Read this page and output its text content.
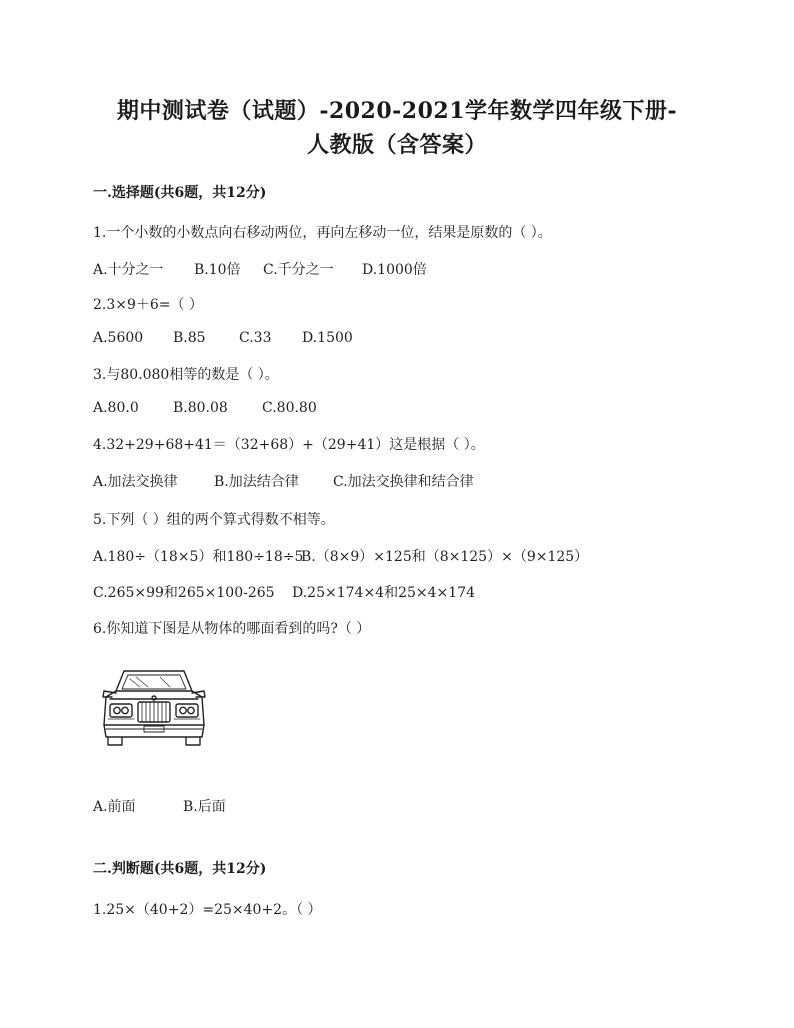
期中测试卷（试题）-2020-2021学年数学四年级下册-
人教版（含答案）
一.选择题(共6题，共12分)
1.一个小数的小数点向右移动两位，再向左移动一位，结果是原数的（ ）。
A.十分之一 B.10倍 C.千分之一 D.1000倍
2.3×9＋6=（ ）
A.5600 B.85 C.33 D.1500
3.与80.080相等的数是（ ）。
A.80.0 B.80.08 C.80.80
4.32+29+68+41＝（32+68）+（29+41）这是根据（ ）。
A.加法交换律	B.加法结合律 C.加法交换律和结合律
5.下列（ ）组的两个算式得数不相等。
A.180÷（18×5）和180÷18÷5
B.（8×9）×125和（8×125）×（9×125）
C.265×99和265×100-265 D.25×174×4和25×4×174
6.你知道下图是从物体的哪面看到的吗?（ ）
A.前面	B.后面
二.判断题(共6题，共12分)
1.25×（40+2）=25×40+2。（ ）
